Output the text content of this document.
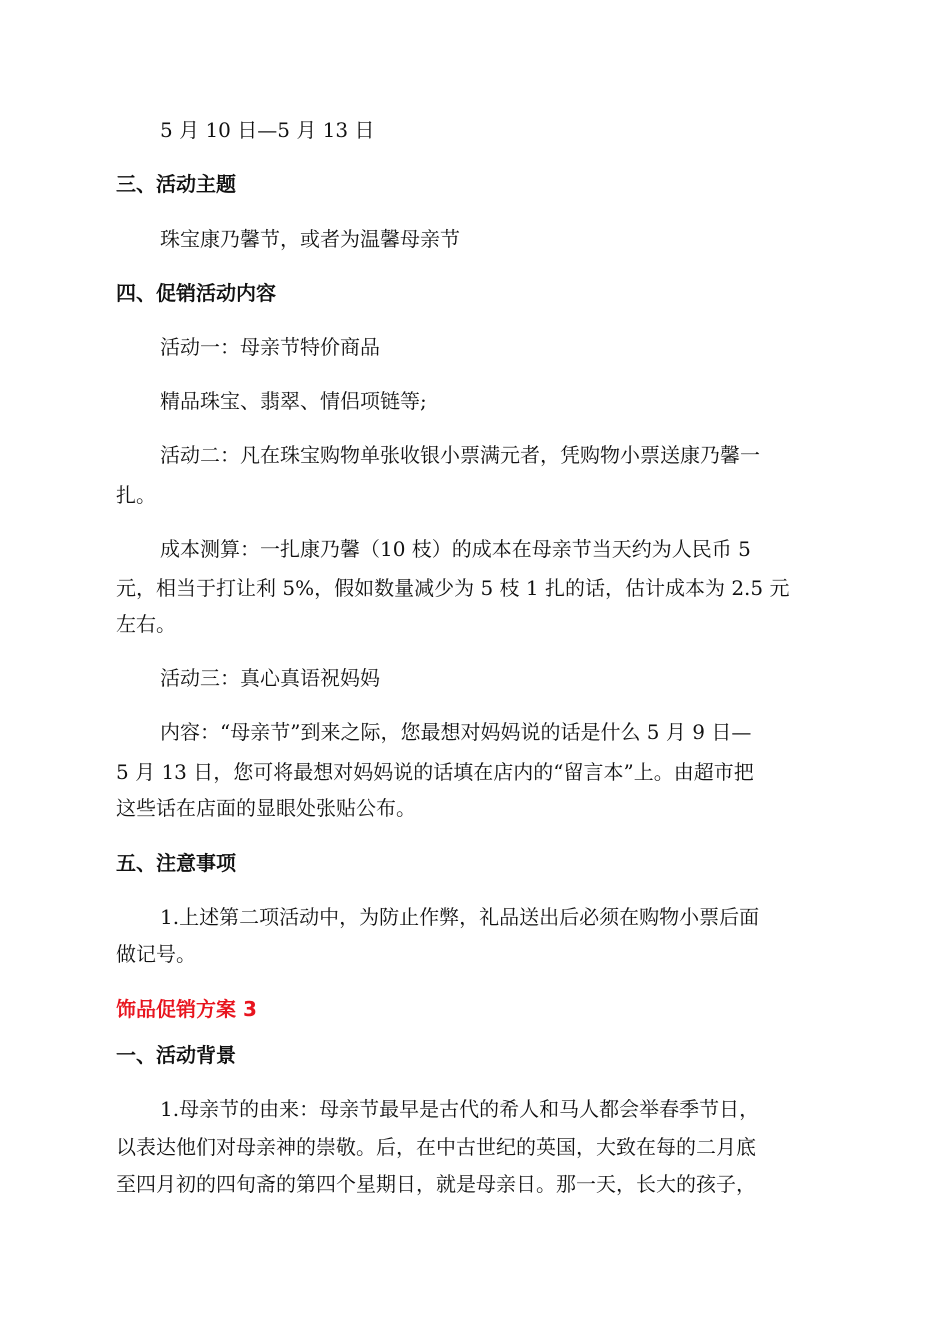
5 月 10 日—5 月 13 日
三、活动主题
珠宝康乃馨节，或者为温馨母亲节
四、促销活动内容
活动一：母亲节特价商品
精品珠宝、翡翠、情侣项链等;
活动二：凡在珠宝购物单张收银小票满元者，凭购物小票送康乃馨一
扎。
成本测算：一扎康乃馨（10 枝）的成本在母亲节当天约为人民币 5
元，相当于打让利 5%，假如数量减少为 5 枝 1 扎的话，估计成本为 2.5 元
左右。
活动三：真心真语祝妈妈
内容：“母亲节”到来之际，您最想对妈妈说的话是什么 5 月 9 日—
5 月 13 日，您可将最想对妈妈说的话填在店内的“留言本”上。由超市把
这些话在店面的显眼处张贴公布。
五、注意事项
1.上述第二项活动中，为防止作弊，礼品送出后必须在购物小票后面
做记号。
饰品促销方案 3
一、活动背景
1.母亲节的由来：母亲节最早是古代的希人和马人都会举春季节日，
以表达他们对母亲神的崇敬。后，在中古世纪的英国，大致在每的二月底
至四月初的四旬斋的第四个星期日，就是母亲日。那一天，长大的孩子，
